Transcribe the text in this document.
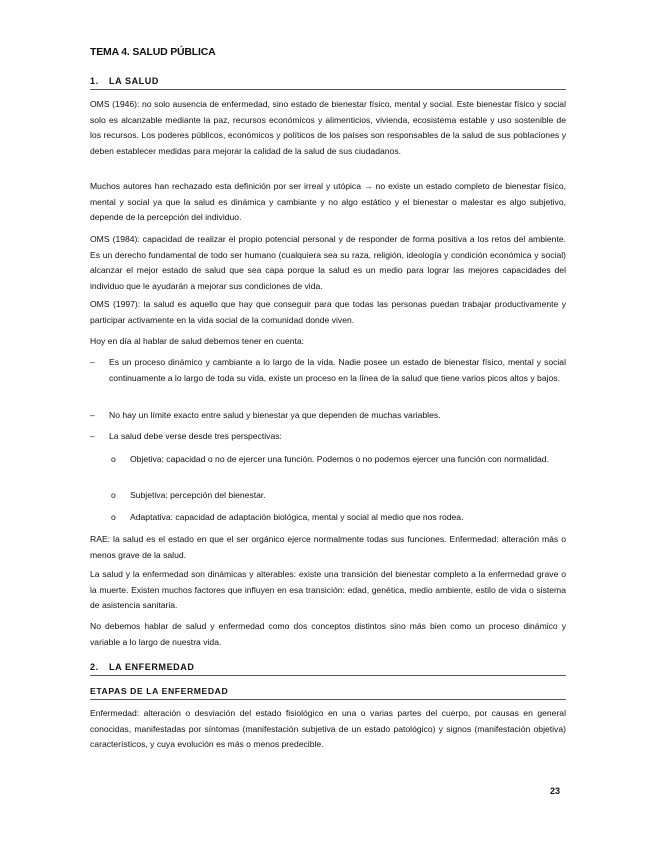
TEMA 4. SALUD PÚBLICA
1. LA SALUD
OMS (1946): no solo ausencia de enfermedad, sino estado de bienestar físico, mental y social. Este bienestar físico y social solo es alcanzable mediante la paz, recursos económicos y alimenticios, vivienda, ecosistema estable y uso sostenible de los recursos. Los poderes públicos, económicos y políticos de los países son responsables de la salud de sus poblaciones y deben establecer medidas para mejorar la calidad de la salud de sus ciudadanos.
Muchos autores han rechazado esta definición por ser irreal y utópica → no existe un estado completo de bienestar físico, mental y social ya que la salud es dinámica y cambiante y no algo estático y el bienestar o malestar es algo subjetivo, depende de la percepción del individuo.
OMS (1984): capacidad de realizar el propio potencial personal y de responder de forma positiva a los retos del ambiente. Es un derecho fundamental de todo ser humano (cualquiera sea su raza, religión, ideología y condición económica y social) alcanzar el mejor estado de salud que sea capa porque la salud es un medio para lograr las mejores capacidades del individuo que le ayudarán a mejorar sus condiciones de vida.
OMS (1997): la salud es aquello que hay que conseguir para que todas las personas puedan trabajar productivamente y participar activamente en la vida social de la comunidad donde viven.
Hoy en día al hablar de salud debemos tener en cuenta:
– Es un proceso dinámico y cambiante a lo largo de la vida. Nadie posee un estado de bienestar físico, mental y social continuamente a lo largo de toda su vida, existe un proceso en la línea de la salud que tiene varios picos altos y bajos.
– No hay un límite exacto entre salud y bienestar ya que dependen de muchas variables.
– La salud debe verse desde tres perspectivas:
o Objetiva: capacidad o no de ejercer una función. Podemos o no podemos ejercer una función con normalidad.
o Subjetiva: percepción del bienestar.
o Adaptativa: capacidad de adaptación biológica, mental y social al medio que nos rodea.
RAE: la salud es el estado en que el ser orgánico ejerce normalmente todas sus funciones. Enfermedad: alteración más o menos grave de la salud.
La salud y la enfermedad son dinámicas y alterables: existe una transición del bienestar completo a la enfermedad grave o la muerte. Existen muchos factores que influyen en esa transición: edad, genética, medio ambiente, estilo de vida o sistema de asistencia sanitaria.
No debemos hablar de salud y enfermedad como dos conceptos distintos sino más bien como un proceso dinámico y variable a lo largo de nuestra vida.
2. LA ENFERMEDAD
ETAPAS DE LA ENFERMEDAD
Enfermedad: alteración o desviación del estado fisiológico en una o varias partes del cuerpo, por causas en general conocidas, manifestadas por síntomas (manifestación subjetiva de un estado patológico) y signos (manifestación objetiva) característicos, y cuya evolución es más o menos predecible.
23
